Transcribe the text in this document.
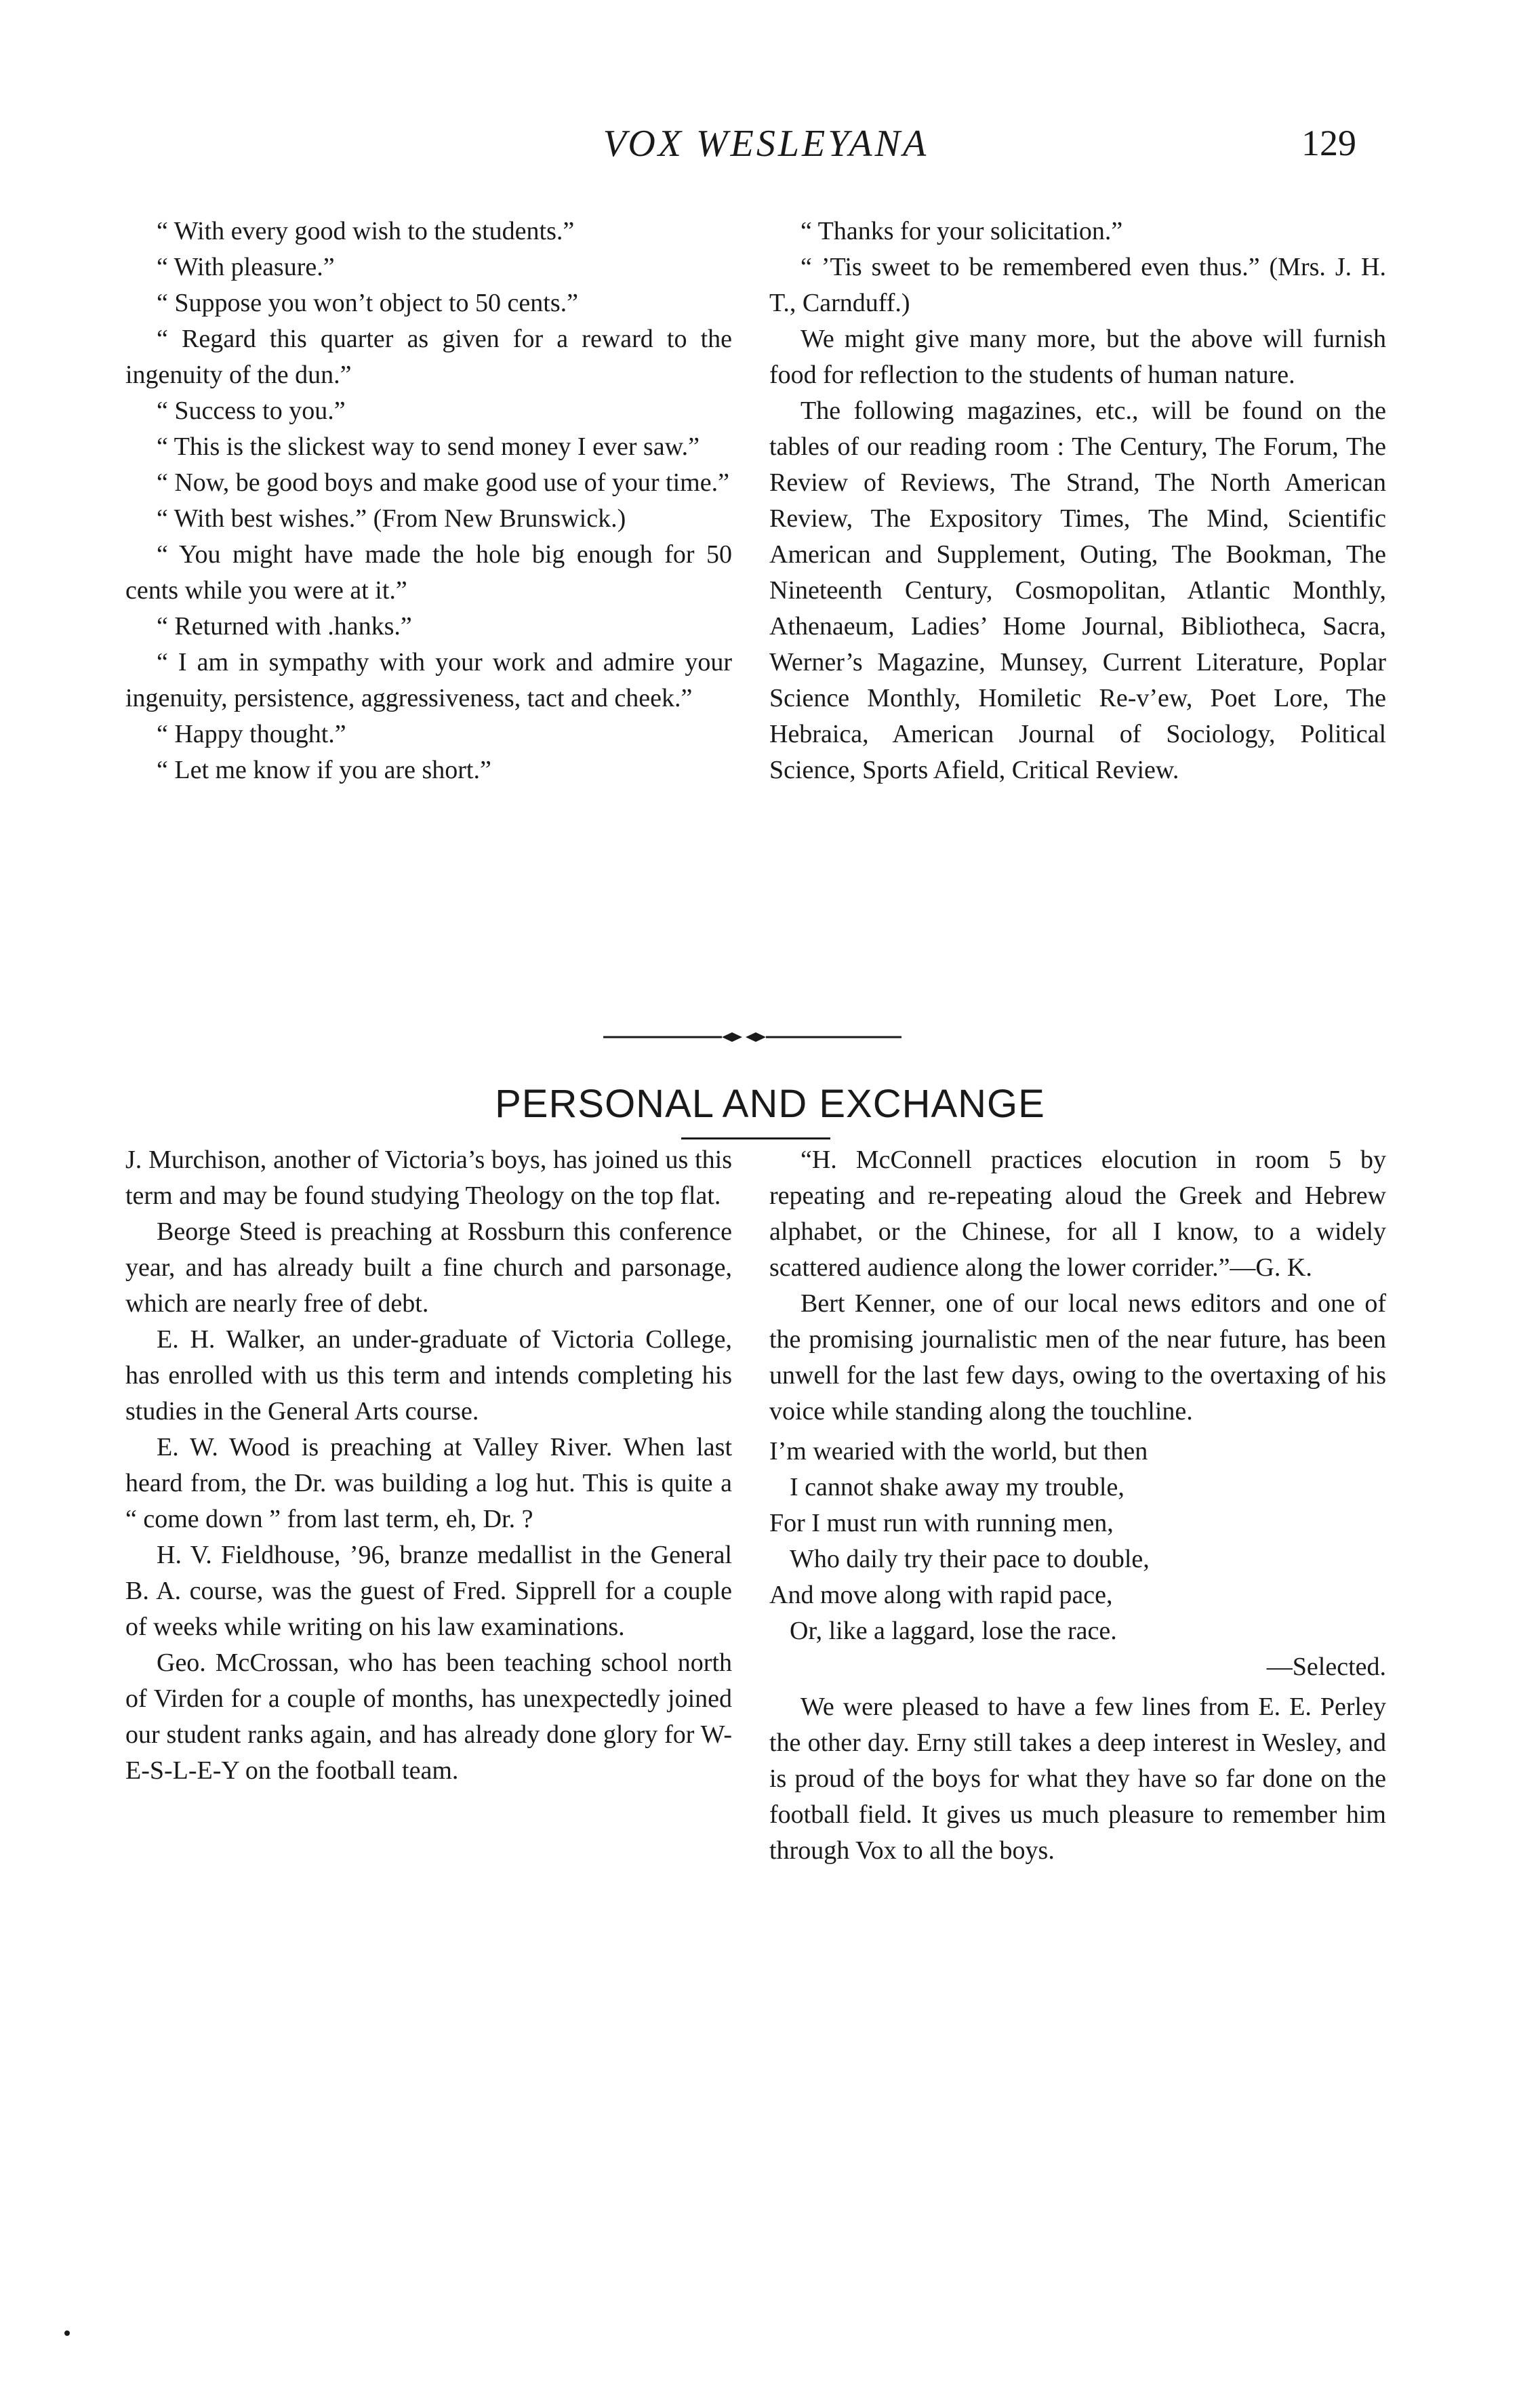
VOX WESLEYANA	129

“ With every good wish to the students.”

“ With pleasure.”

“ Suppose you won’t object to 50 cents.”

“ Regard this quarter as given for a reward to the ingenuity of the dun.”

“ Success to you.”

“ This is the slickest way to send money I ever saw.”

“ Now, be good boys and make good use of your time.”

“ With best wishes.” (From New Brunswick.)

“ You might have made the hole big enough for 50 cents while you were at it.”

“ Returned with .hanks.”

“ I am in sympathy with your work and admire your ingenuity, persistence, aggressiveness, tact and cheek.”

“ Happy thought.”

“ Let me know if you are short.”

“ Thanks for your solicitation.”

“ ’Tis sweet to be remembered even thus.” (Mrs. J. H. T., Carnduff.)

We might give many more, but the above will furnish food for reflection to the students of human nature.

The following magazines, etc., will be found on the tables of our reading room : The Century, The Forum, The Review of Reviews, The Strand, The North American Review, The Expository Times, The Mind, Scientific American and Supplement, Outing, The Bookman, The Nineteenth Century, Cosmopolitan, Atlantic Monthly, Athenaeum, Ladies’ Home Journal, Bibliotheca, Sacra, Werner’s Magazine, Munsey, Current Literature, Poplar Science Monthly, Homiletic Re-v’ew, Poet Lore, The Hebraica, American Journal of Sociology, Political Science, Sports Afield, Critical Review.

PERSONAL AND EXCHANGE

J. Murchison, another of Victoria’s boys, has joined us this term and may be found studying Theology on the top flat.

Beorge Steed is preaching at Rossburn this conference year, and has already built a fine church and parsonage, which are nearly free of debt.

E. H. Walker, an under-graduate of Victoria College, has enrolled with us this term and intends completing his studies in the General Arts course.

E. W. Wood is preaching at Valley River. When last heard from, the Dr. was building a log hut. This is quite a “ come down ” from last term, eh, Dr. ?

H. V. Fieldhouse, ’96, branze medallist in the General B. A. course, was the guest of Fred. Sipprell for a couple of weeks while writing on his law examinations.

Geo. McCrossan, who has been teaching school north of Virden for a couple of months, has unexpectedly joined our student ranks again, and has already done glory for W-E-S-L-E-Y on the football team.

“H. McConnell practices elocution in room 5 by repeating and re-repeating aloud the Greek and Hebrew alphabet, or the Chinese, for all I know, to a widely scattered audience along the lower corrider.”—G. K.

Bert Kenner, one of our local news editors and one of the promising journalistic men of the near future, has been unwell for the last few days, owing to the overtaxing of his voice while standing along the touchline.

I’m wearied with the world, but then
I cannot shake away my trouble,
For I must run with running men,
Who daily try their pace to double,
And move along with rapid pace,
Or, like a laggard, lose the race.
—Selected.

We were pleased to have a few lines from E. E. Perley the other day. Erny still takes a deep interest in Wesley, and is proud of the boys for what they have so far done on the football field. It gives us much pleasure to remember him through Vox to all the boys.
